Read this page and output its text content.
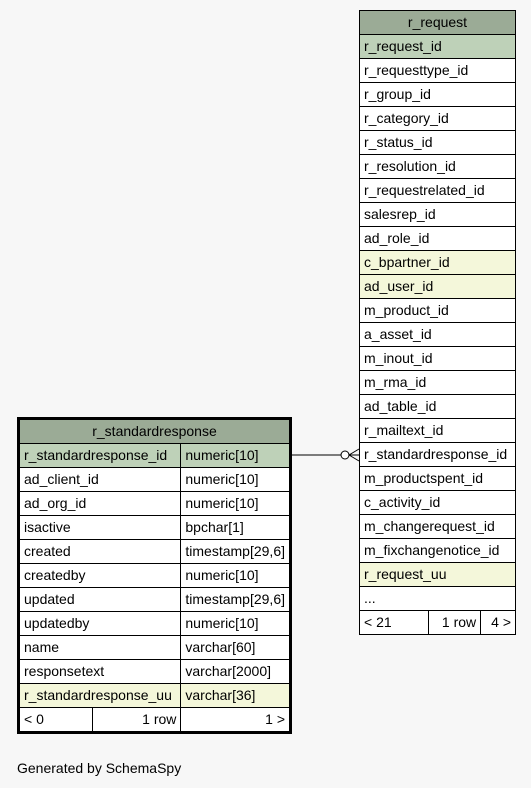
r_request
r_request_id
r_requesttype_id
r_group_id
r_category_id
r_status_id
r_resolution_id
r_requestrelated_id
salesrep_id
ad_role_id
c_bpartner_id
ad_user_id
m_product_id
a_asset_id
m_inout_id
m_rma_id
ad_table_id
r_mailtext_id
r_standardresponse_id
m_productspent_id
c_activity_id
m_changerequest_id
m_fixchangenotice_id
r_request_uu
...
< 21	1 row	4 >
r_standardresponse		
r_standardresponse_id		numeric[10]
ad_client_id		numeric[10]
ad_org_id		numeric[10]
isactive		bpchar[1]
created		timestamp[29,6]
createdby		numeric[10]
updated		timestamp[29,6]
updatedby		numeric[10]
name		varchar[60]
responsetext		varchar[2000]
r_standardresponse_uu		varchar[36]
< 0	1 row	1 >
Generated by SchemaSpy
